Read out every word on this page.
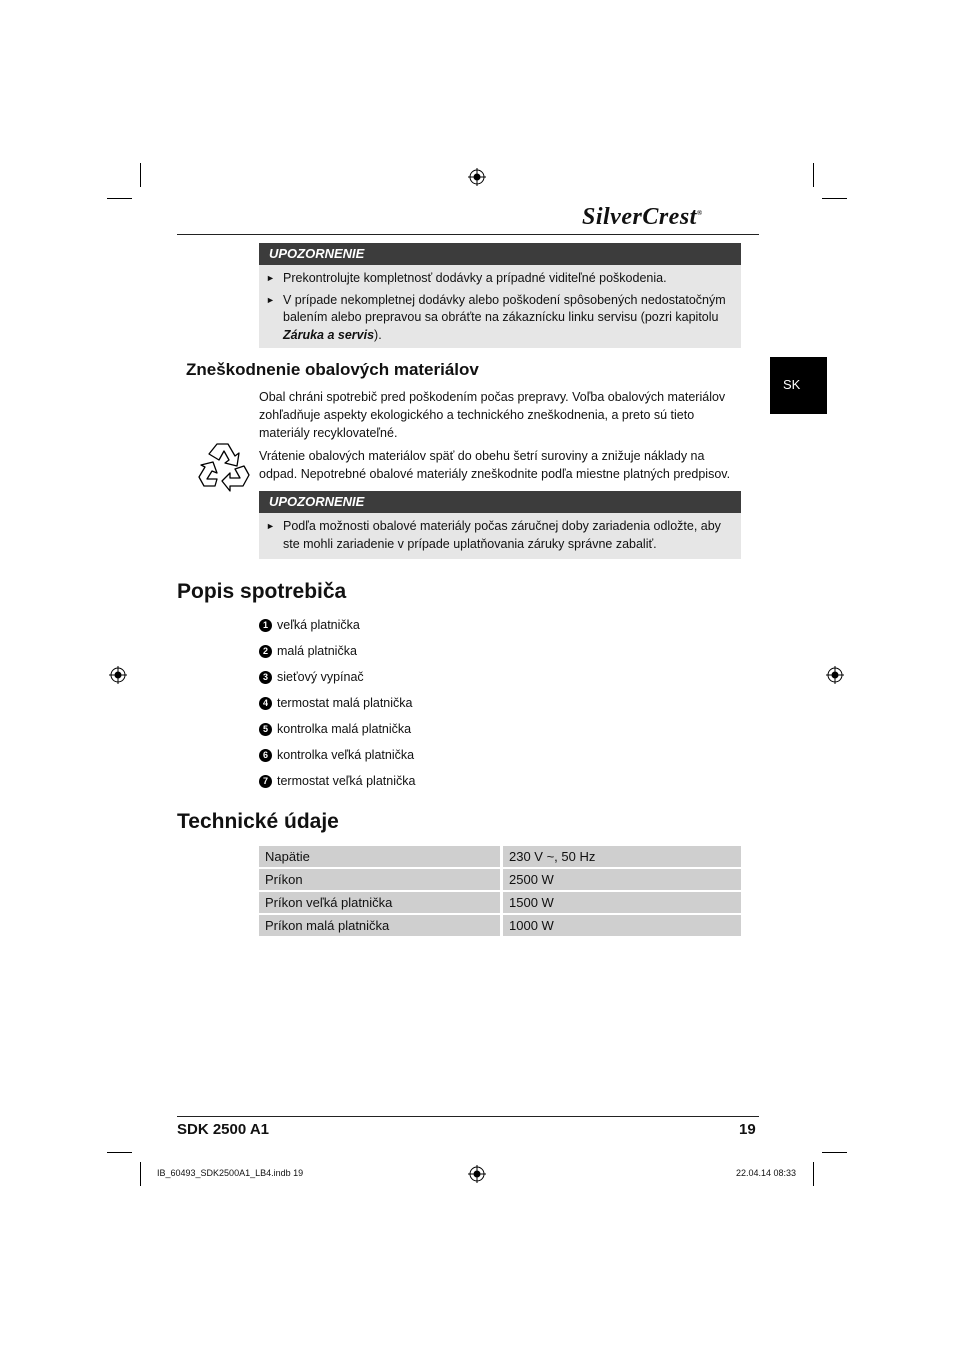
SilverCrest®
UPOZORNENIE
► Prekontrolujte kompletnosť dodávky a prípadné viditeľné poškodenia.
► V prípade nekompletnej dodávky alebo poškodení spôsobených nedostatočným balením alebo prepravou sa obráťte na zákaznícku linku servisu (pozri kapitolu Záruka a servis).
SK
Zneškodnenie obalových materiálov
Obal chráni spotrebič pred poškodením počas prepravy. Voľba obalových materiálov zohľadňuje aspekty ekologického a technického zneškodnenia, a preto sú tieto materiály recyklovateľné.
Vrátenie obalových materiálov späť do obehu šetrí suroviny a znižuje náklady na odpad. Nepotrebné obalové materiály zneškodnite podľa miestne platných predpisov.
UPOZORNENIE
► Podľa možnosti obalové materiály počas záručnej doby zariadenia odložte, aby ste mohli zariadenie v prípade uplatňovania záruky správne zabaliť.
Popis spotrebiča
1 veľká platnička
2 malá platnička
3 sieťový vypínač
4 termostat malá platnička
5 kontrolka malá platnička
6 kontrolka veľká platnička
7 termostat veľká platnička
Technické údaje
Napätie	230 V ~, 50 Hz
Príkon	2500 W
Príkon veľká platnička	1500 W
Príkon malá platnička	1000 W
SDK 2500 A1	19
IB_60493_SDK2500A1_LB4.indb 19	22.04.14 08:33
